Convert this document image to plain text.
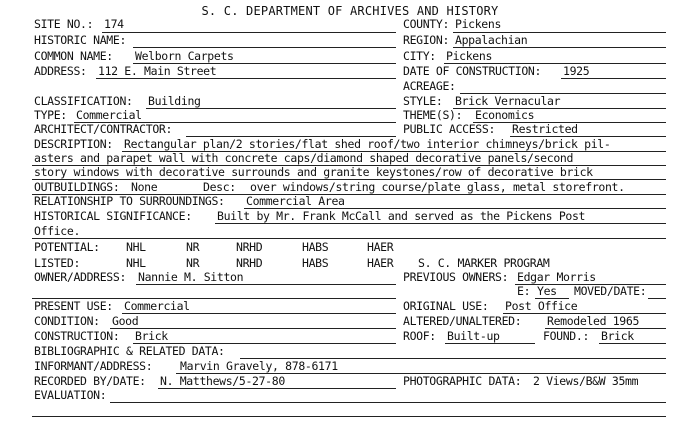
S. C. DEPARTMENT OF ARCHIVES AND HISTORY
SITE NO.: 174	COUNTY: Pickens
HISTORIC NAME:	REGION: Appalachian
COMMON NAME: Welborn Carpets	CITY: Pickens
ADDRESS: 112 E. Main Street	DATE OF CONSTRUCTION: 1925
ACREAGE:
CLASSIFICATION: Building	STYLE: Brick Vernacular
TYPE: Commercial	THEME(S): Economics
ARCHITECT/CONTRACTOR:	PUBLIC ACCESS: Restricted
DESCRIPTION: Rectangular plan/2 stories/flat shed roof/two interior chimneys/brick pil-
asters and parapet wall with concrete caps/diamond shaped decorative panels/second
story windows with decorative surrounds and granite keystones/row of decorative brick
OUTBUILDINGS: None	Desc: over windows/string course/plate glass, metal storefront.
RELATIONSHIP TO SURROUNDINGS: Commercial Area
HISTORICAL SIGNIFICANCE: Built by Mr. Frank McCall and served as the Pickens Post
Office.
POTENTIAL: NHL	NR	NRHD	HABS	HAER
LISTED:	NHL	NR	NRHD	HABS	HAER S. C. MARKER PROGRAM
OWNER/ADDRESS: Nannie M. Sitton	PREVIOUS OWNERS: Edgar Morris
E: Yes MOVED/DATE:
PRESENT USE: Commercial	ORIGINAL USE: Post Office
CONDITION: Good	ALTERED/UNALTERED: Remodeled 1965
CONSTRUCTION: Brick	ROOF: Built-up	FOUND.: Brick
BIBLIOGRAPHIC & RELATED DATA:
INFORMANT/ADDRESS: Marvin Gravely, 878-6171
RECORDED BY/DATE: N. Matthews/5-27-80	PHOTOGRAPHIC DATA: 2 Views/B&W 35mm
EVALUATION:
